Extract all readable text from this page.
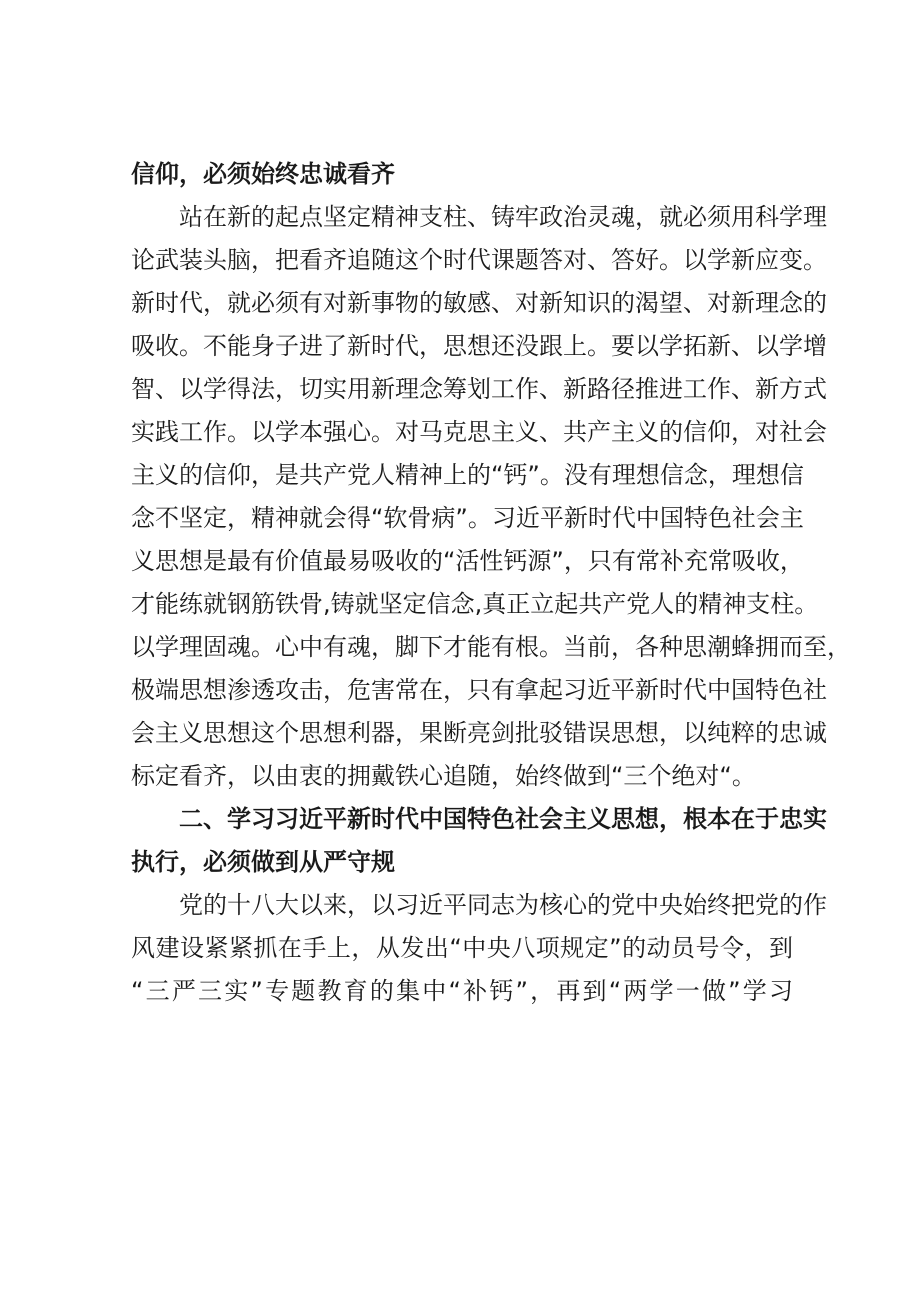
信仰，必须始终忠诚看齐
站在新的起点坚定精神支柱、铸牢政治灵魂，就必须用科学理
论武装头脑，把看齐追随这个时代课题答对、答好。以学新应变。
新时代，就必须有对新事物的敏感、对新知识的渴望、对新理念的
吸收。不能身子进了新时代，思想还没跟上。要以学拓新、以学增
智、以学得法，切实用新理念筹划工作、新路径推进工作、新方式
实践工作。以学本强心。对马克思主义、共产主义的信仰，对社会
主义的信仰，是共产党人精神上的“钙”。没有理想信念，理想信
念不坚定，精神就会得“软骨病”。习近平新时代中国特色社会主
义思想是最有价值最易吸收的“活性钙源”，只有常补充常吸收，
才能练就钢筋铁骨,铸就坚定信念,真正立起共产党人的精神支柱。
以学理固魂。心中有魂，脚下才能有根。当前，各种思潮蜂拥而至，
极端思想渗透攻击，危害常在，只有拿起习近平新时代中国特色社
会主义思想这个思想利器，果断亮剑批驳错误思想，以纯粹的忠诚
标定看齐，以由衷的拥戴铁心追随，始终做到“三个绝对“。
二、学习习近平新时代中国特色社会主义思想，根本在于忠实
执行，必须做到从严守规
党的十八大以来，以习近平同志为核心的党中央始终把党的作
风建设紧紧抓在手上，从发出“中央八项规定”的动员号令，到
“三严三实”专题教育的集中“补钙”，再到“两学一做”学习
